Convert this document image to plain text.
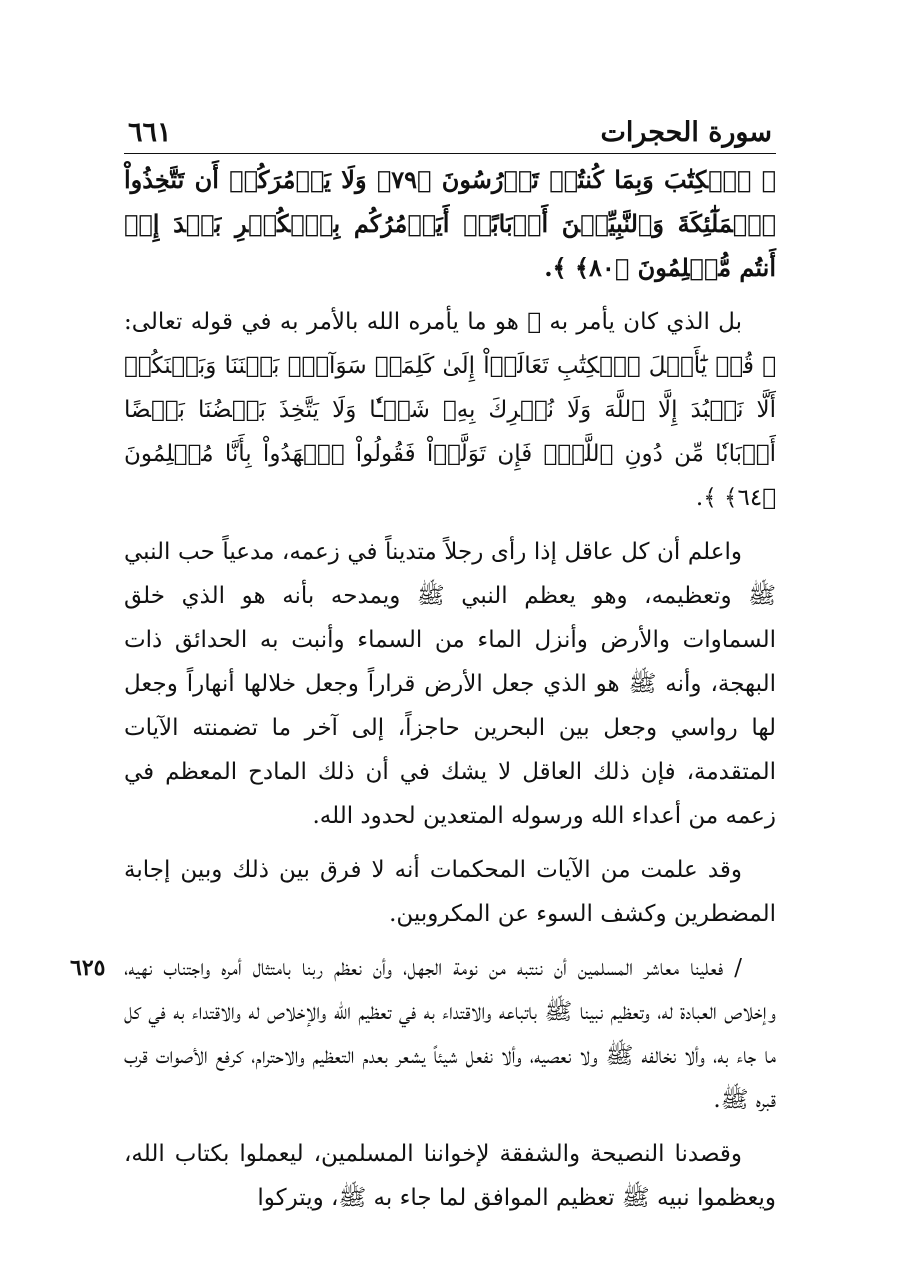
سورة الحجرات
٦٦١

﴿ ٱلۡكِتَٰبَ وَبِمَا كُنتُمۡ تَدۡرُسُونَ ﴿٧٩﴾ وَلَا يَأۡمُرَكُمۡ أَن تَتَّخِذُواْ ٱلۡمَلَٰٓئِكَةَ وَٱلنَّبِيِّـۧنَ أَرۡبَابًاۗ أَيَأۡمُرُكُم بِٱلۡكُفۡرِ بَعۡدَ إِذۡ أَنتُم مُّسۡلِمُونَ ﴿٨٠﴾ ﴾.

بل الذي كان يأمر به ﷺ هو ما يأمره الله بالأمر به في قوله تعالى: ﴿ قُلۡ يَٰٓأَهۡلَ ٱلۡكِتَٰبِ تَعَالَوۡاْ إِلَىٰ كَلِمَةٖ سَوَآءِۭ بَيۡنَنَا وَبَيۡنَكُمۡ أَلَّا نَعۡبُدَ إِلَّا ٱللَّهَ وَلَا نُشۡرِكَ بِهِۦ شَيۡـٔٗا وَلَا يَتَّخِذَ بَعۡضُنَا بَعۡضًا أَرۡبَابٗا مِّن دُونِ ٱللَّهِۚ فَإِن تَوَلَّوۡاْ فَقُولُواْ ٱشۡهَدُواْ بِأَنَّا مُسۡلِمُونَ ﴿٦٤﴾ ﴾.

واعلم أن كل عاقل إذا رأى رجلاً متديناً في زعمه، مدعياً حب النبي ﷺ وتعظيمه، وهو يعظم النبي ﷺ ويمدحه بأنه هو الذي خلق السماوات والأرض وأنزل الماء من السماء وأنبت به الحدائق ذات البهجة، وأنه ﷺ هو الذي جعل الأرض قراراً وجعل خلالها أنهاراً وجعل لها رواسي وجعل بين البحرين حاجزاً، إلى آخر ما تضمنته الآيات المتقدمة، فإن ذلك العاقل لا يشك في أن ذلك المادح المعظم في زعمه من أعداء الله ورسوله المتعدين لحدود الله.

وقد علمت من الآيات المحكمات أنه لا فرق بين ذلك وبين إجابة المضطرين وكشف السوء عن المكروبين.

/ فعلينا معاشر المسلمين أن ننتبه من نومة الجهل، وأن نعظم ربنا بامتثال أمره واجتناب نهيه، وإخلاص العبادة له، وتعظيم نبينا ﷺ باتباعه والاقتداء به في تعظيم الله والإخلاص له والاقتداء به في كل ما جاء به، وألا نخالفه ﷺ ولا نعصيه، وألا نفعل شيئاً يشعر بعدم التعظيم والاحترام، كرفع الأصوات قرب قبره ﷺ.

وقصدنا النصيحة والشفقة لإخواننا المسلمين، ليعملوا بكتاب الله، ويعظموا نبيه ﷺ تعظيم الموافق لما جاء به ﷺ، ويتركوا

٦٢٥
